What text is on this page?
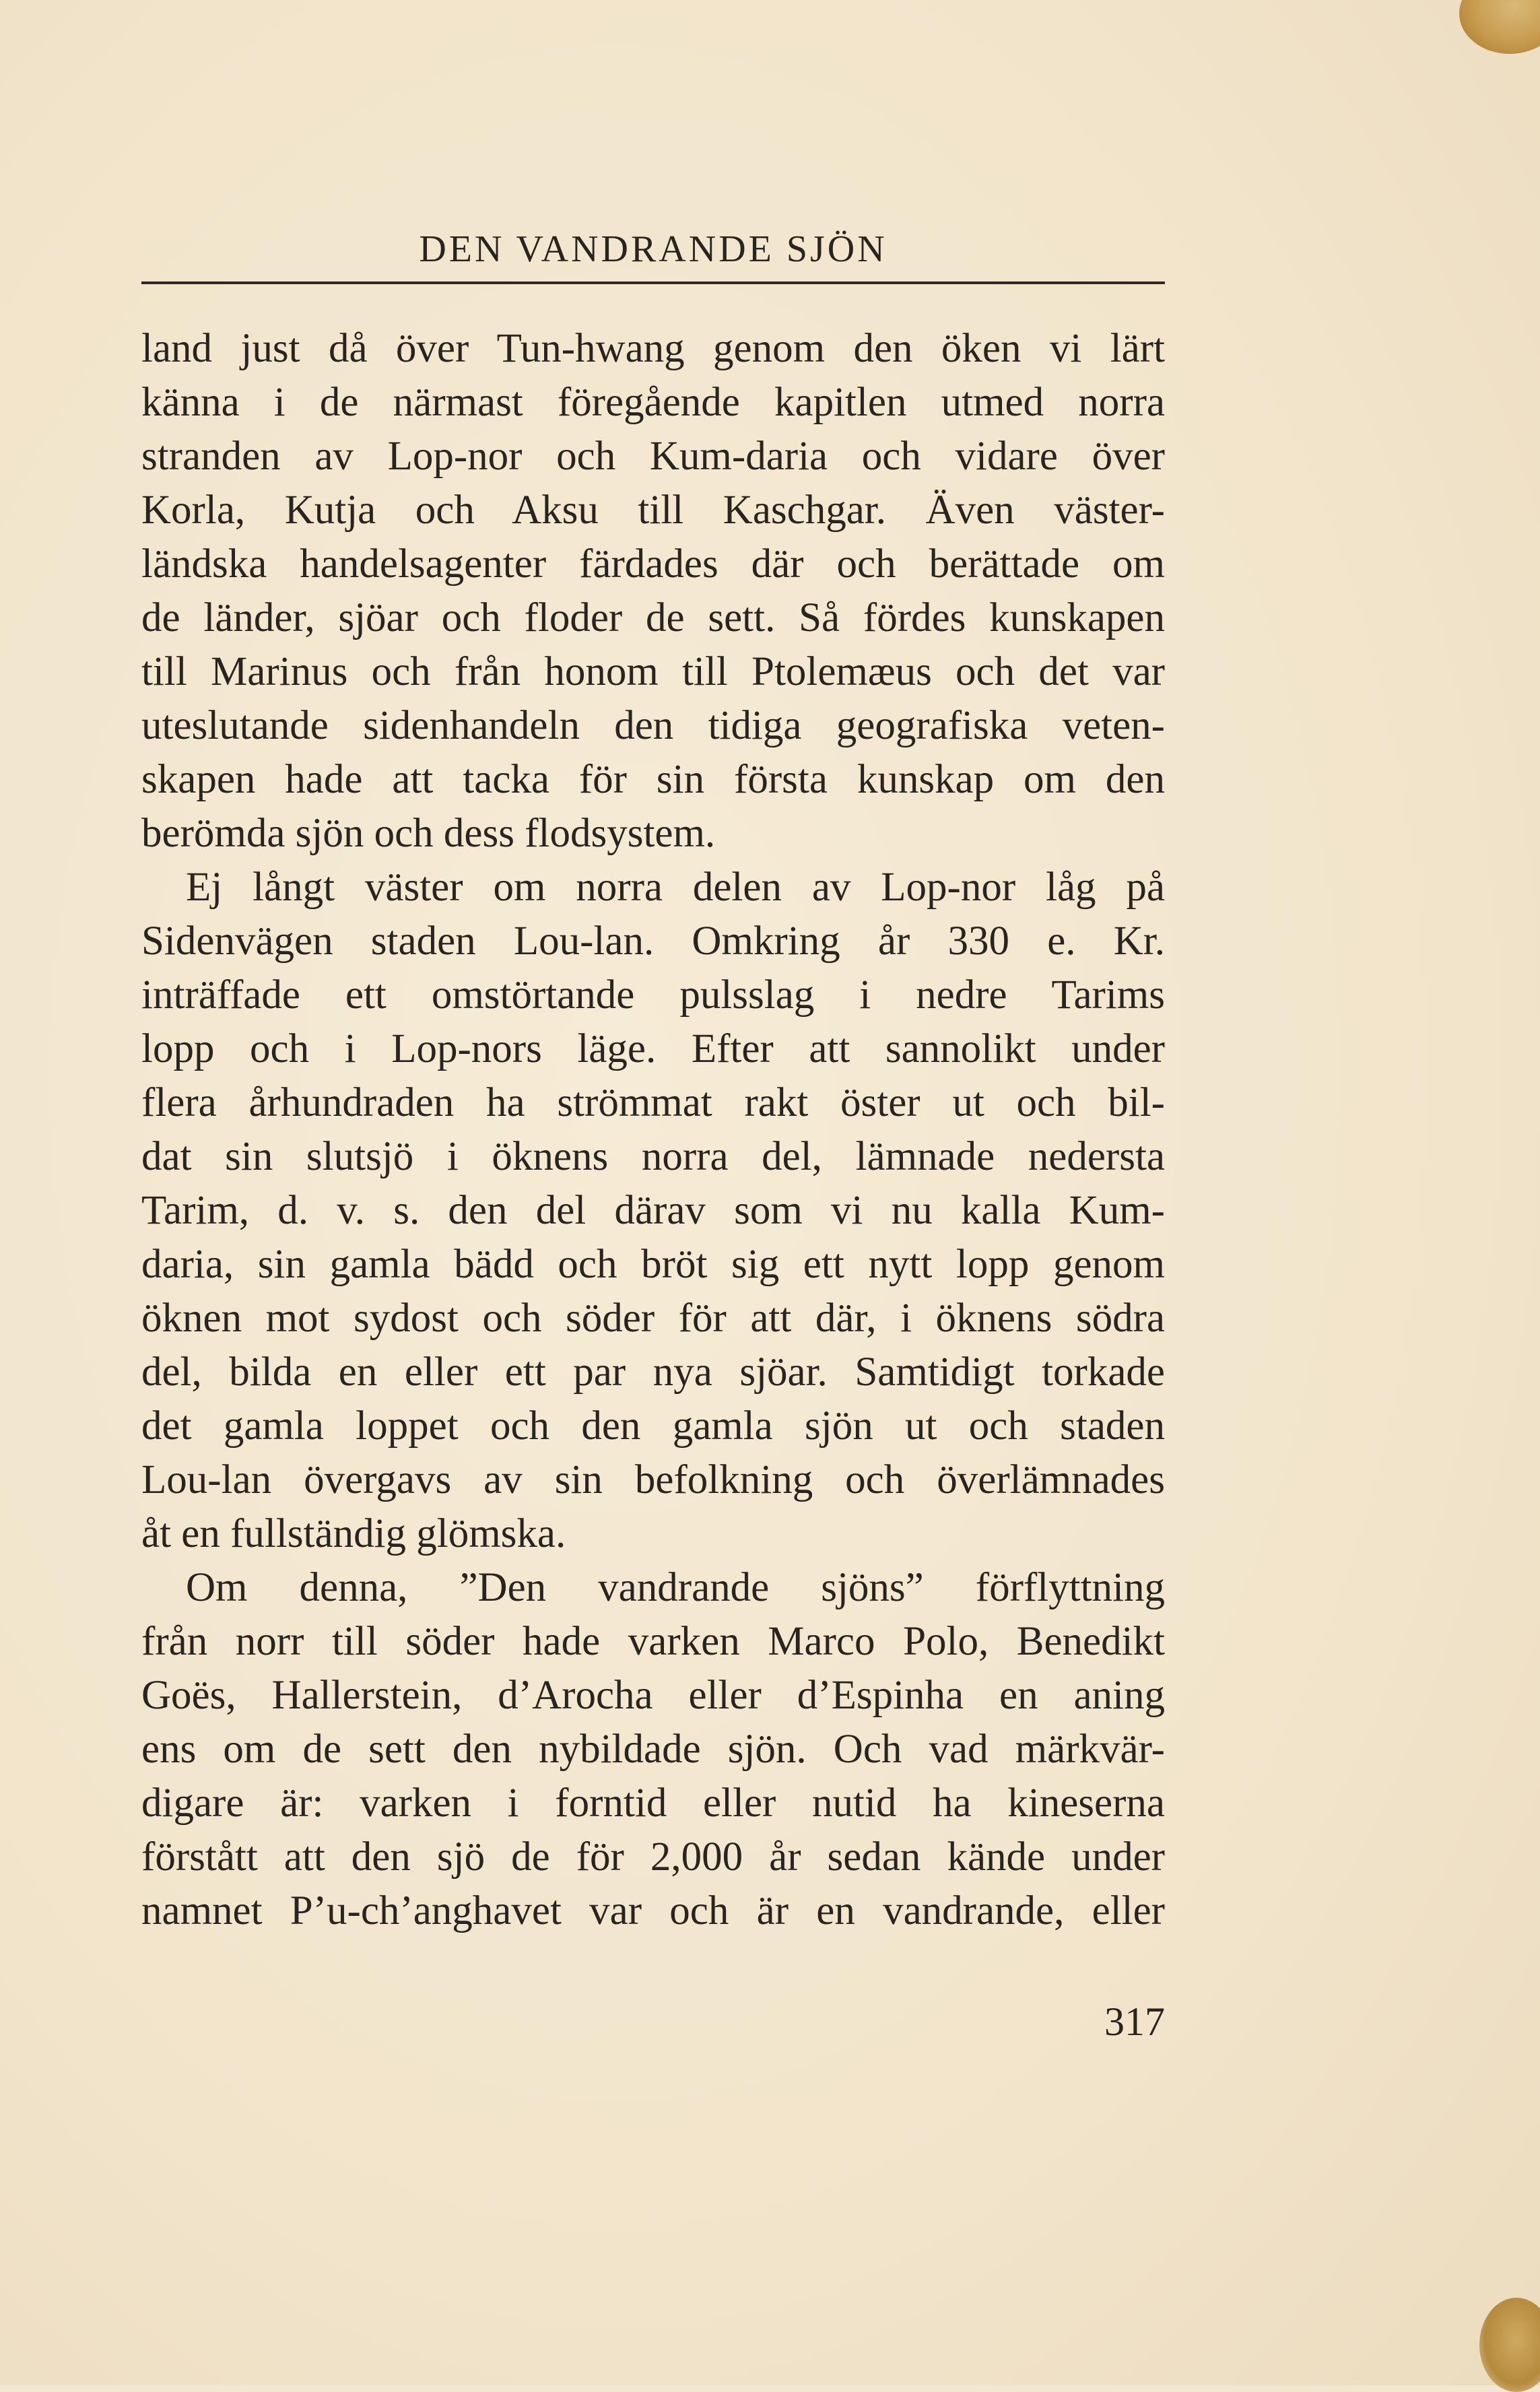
DEN VANDRANDE SJÖN
land just då över Tun-hwang genom den öken vi lärt
känna i de närmast föregående kapitlen utmed norra
stranden av Lop-nor och Kum-daria och vidare över
Korla, Kutja och Aksu till Kaschgar. Även väster-
ländska handelsagenter färdades där och berättade om
de länder, sjöar och floder de sett. Så fördes kunskapen
till Marinus och från honom till Ptolemæus och det var
uteslutande sidenhandeln den tidiga geografiska veten-
skapen hade att tacka för sin första kunskap om den
berömda sjön och dess flodsystem.
Ej långt väster om norra delen av Lop-nor låg på
Sidenvägen staden Lou-lan. Omkring år 330 e. Kr.
inträffade ett omstörtande pulsslag i nedre Tarims
lopp och i Lop-nors läge. Efter att sannolikt under
flera århundraden ha strömmat rakt öster ut och bil-
dat sin slutsjö i öknens norra del, lämnade nedersta
Tarim, d. v. s. den del därav som vi nu kalla Kum-
daria, sin gamla bädd och bröt sig ett nytt lopp genom
öknen mot sydost och söder för att där, i öknens södra
del, bilda en eller ett par nya sjöar. Samtidigt torkade
det gamla loppet och den gamla sjön ut och staden
Lou-lan övergavs av sin befolkning och överlämnades
åt en fullständig glömska.
Om denna, ”Den vandrande sjöns” förflyttning
från norr till söder hade varken Marco Polo, Benedikt
Goës, Hallerstein, d’Arocha eller d’Espinha en aning
ens om de sett den nybildade sjön. Och vad märkvär-
digare är: varken i forntid eller nutid ha kineserna
förstått att den sjö de för 2,000 år sedan kände under
namnet P’u-ch’anghavet var och är en vandrande, eller
317
